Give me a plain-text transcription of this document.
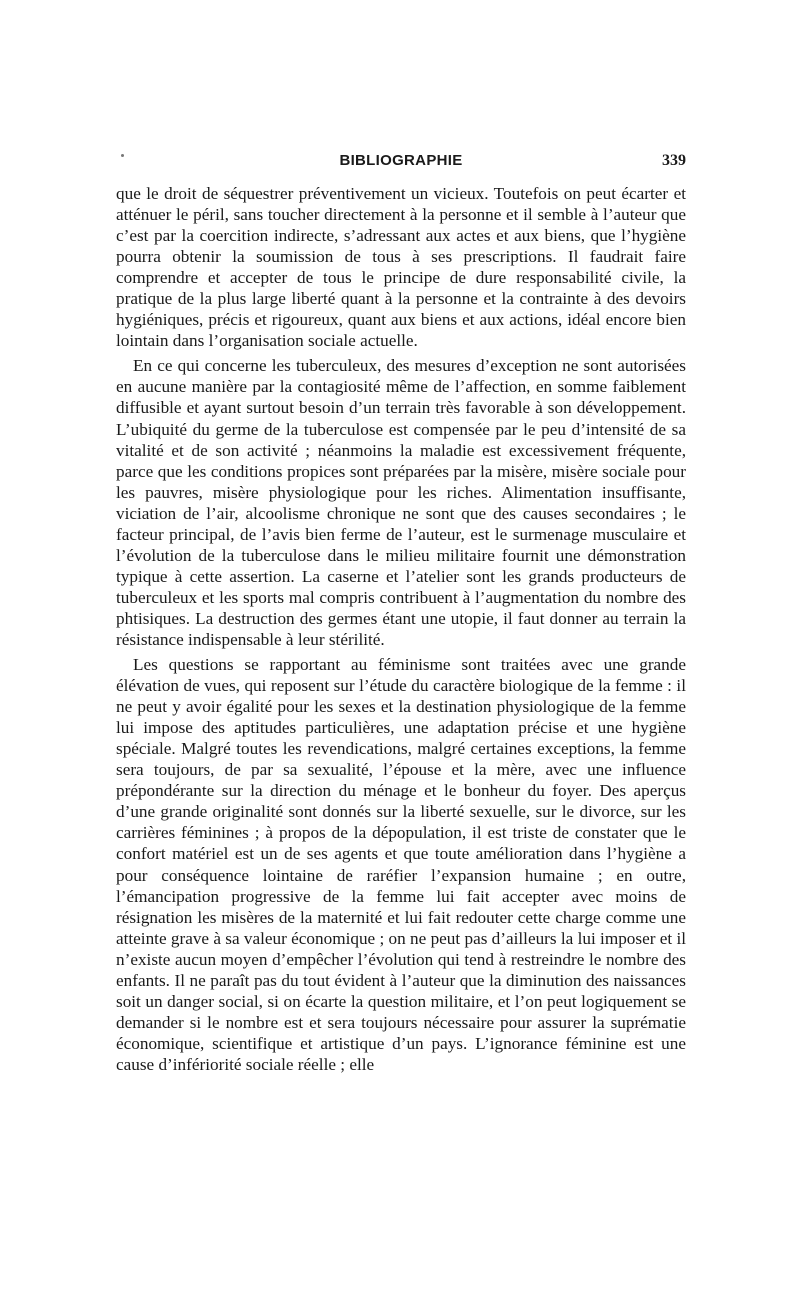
BIBLIOGRAPHIE	339

que le droit de séquestrer préventivement un vicieux. Toutefois on peut écarter et atténuer le péril, sans toucher directement à la personne et il semble à l’auteur que c’est par la coercition indirecte, s’adressant aux actes et aux biens, que l’hygiène pourra obtenir la soumission de tous à ses prescriptions. Il faudrait faire comprendre et accepter de tous le principe de dure responsabilité civile, la pratique de la plus large liberté quant à la personne et la contrainte à des devoirs hygiéniques, précis et rigoureux, quant aux biens et aux actions, idéal encore bien lointain dans l’organisation sociale actuelle.

En ce qui concerne les tuberculeux, des mesures d’exception ne sont autorisées en aucune manière par la contagiosité même de l’affection, en somme faiblement diffusible et ayant surtout besoin d’un terrain très favorable à son développement. L’ubiquité du germe de la tuberculose est compensée par le peu d’intensité de sa vitalité et de son activité ; néanmoins la maladie est excessivement fréquente, parce que les conditions propices sont préparées par la misère, misère sociale pour les pauvres, misère physiologique pour les riches. Alimentation insuffisante, viciation de l’air, alcoolisme chronique ne sont que des causes secondaires ; le facteur principal, de l’avis bien ferme de l’auteur, est le surmenage musculaire et l’évolution de la tuberculose dans le milieu militaire fournit une démonstration typique à cette assertion. La caserne et l’atelier sont les grands producteurs de tuberculeux et les sports mal compris contribuent à l’augmentation du nombre des phtisiques. La destruction des germes étant une utopie, il faut donner au terrain la résistance indispensable à leur stérilité.

Les questions se rapportant au féminisme sont traitées avec une grande élévation de vues, qui reposent sur l’étude du caractère biologique de la femme : il ne peut y avoir égalité pour les sexes et la destination physiologique de la femme lui impose des aptitudes particulières, une adaptation précise et une hygiène spéciale. Malgré toutes les revendications, malgré certaines exceptions, la femme sera toujours, de par sa sexualité, l’épouse et la mère, avec une influence prépondérante sur la direction du ménage et le bonheur du foyer. Des aperçus d’une grande originalité sont donnés sur la liberté sexuelle, sur le divorce, sur les carrières féminines ; à propos de la dépopulation, il est triste de constater que le confort matériel est un de ses agents et que toute amélioration dans l’hygiène a pour conséquence lointaine de raréfier l’expansion humaine ; en outre, l’émancipation progressive de la femme lui fait accepter avec moins de résignation les misères de la maternité et lui fait redouter cette charge comme une atteinte grave à sa valeur économique ; on ne peut pas d’ailleurs la lui imposer et il n’existe aucun moyen d’empêcher l’évolution qui tend à restreindre le nombre des enfants. Il ne paraît pas du tout évident à l’auteur que la diminution des naissances soit un danger social, si on écarte la question militaire, et l’on peut logiquement se demander si le nombre est et sera toujours nécessaire pour assurer la suprématie économique, scientifique et artistique d’un pays. L’ignorance féminine est une cause d’infériorité sociale réelle ; elle
